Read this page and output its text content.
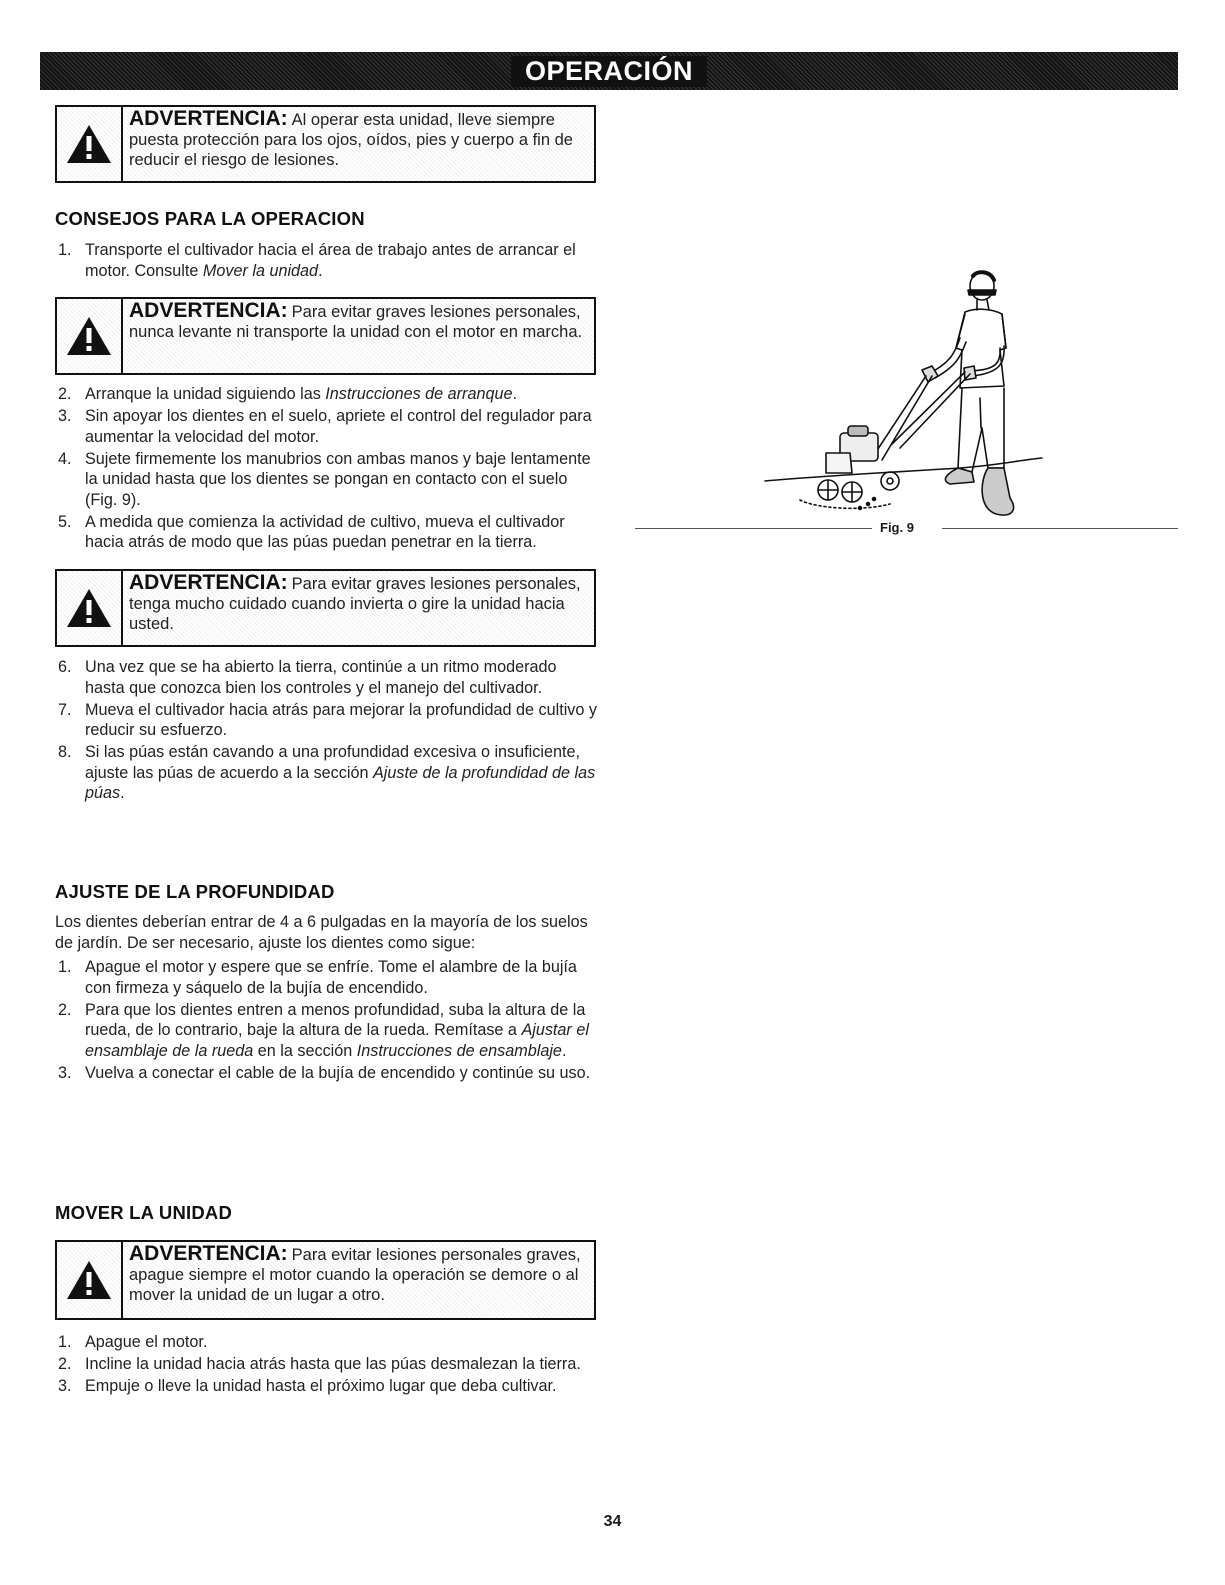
OPERACIÓN
ADVERTENCIA: Al operar esta unidad, lleve siempre puesta protección para los ojos, oídos, pies y cuerpo a fin de reducir el riesgo de lesiones.
CONSEJOS PARA LA OPERACION
1. Transporte el cultivador hacia el área de trabajo antes de arrancar el motor. Consulte Mover la unidad.
ADVERTENCIA: Para evitar graves lesiones personales, nunca levante ni transporte la unidad con el motor en marcha.
2. Arranque la unidad siguiendo las Instrucciones de arranque.
3. Sin apoyar los dientes en el suelo, apriete el control del regulador para aumentar la velocidad del motor.
4. Sujete firmemente los manubrios con ambas manos y baje lentamente la unidad hasta que los dientes se pongan en contacto con el suelo (Fig. 9).
5. A medida que comienza la actividad de cultivo, mueva el cultivador hacia atrás de modo que las púas puedan penetrar en la tierra.
ADVERTENCIA: Para evitar graves lesiones personales, tenga mucho cuidado cuando invierta o gire la unidad hacia usted.
6. Una vez que se ha abierto la tierra, continúe a un ritmo moderado hasta que conozca bien los controles y el manejo del cultivador.
7. Mueva el cultivador hacia atrás para mejorar la profundidad de cultivo y reducir su esfuerzo.
8. Si las púas están cavando a una profundidad excesiva o insuficiente, ajuste las púas de acuerdo a la sección Ajuste de la profundidad de las púas.
AJUSTE DE LA PROFUNDIDAD

Los dientes deberían entrar de 4 a 6 pulgadas en la mayoría de los suelos de jardín. De ser necesario, ajuste los dientes como sigue:

1. Apague el motor y espere que se enfríe. Tome el alambre de la bujía con firmeza y sáquelo de la bujía de encendido.
2. Para que los dientes entren a menos profundidad, suba la altura de la rueda, de lo contrario, baje la altura de la rueda. Remítase a Ajustar el ensamblaje de la rueda en la sección Instrucciones de ensamblaje.
3. Vuelva a conectar el cable de la bujía de encendido y continúe su uso.
MOVER LA UNIDAD
ADVERTENCIA: Para evitar lesiones personales graves, apague siempre el motor cuando la operación se demore o al mover la unidad de un lugar a otro.
1. Apague el motor.
2. Incline la unidad hacia atrás hasta que las púas desmalezan la tierra.
3. Empuje o lleve la unidad hasta el próximo lugar que deba cultivar.
Fig. 9
34
